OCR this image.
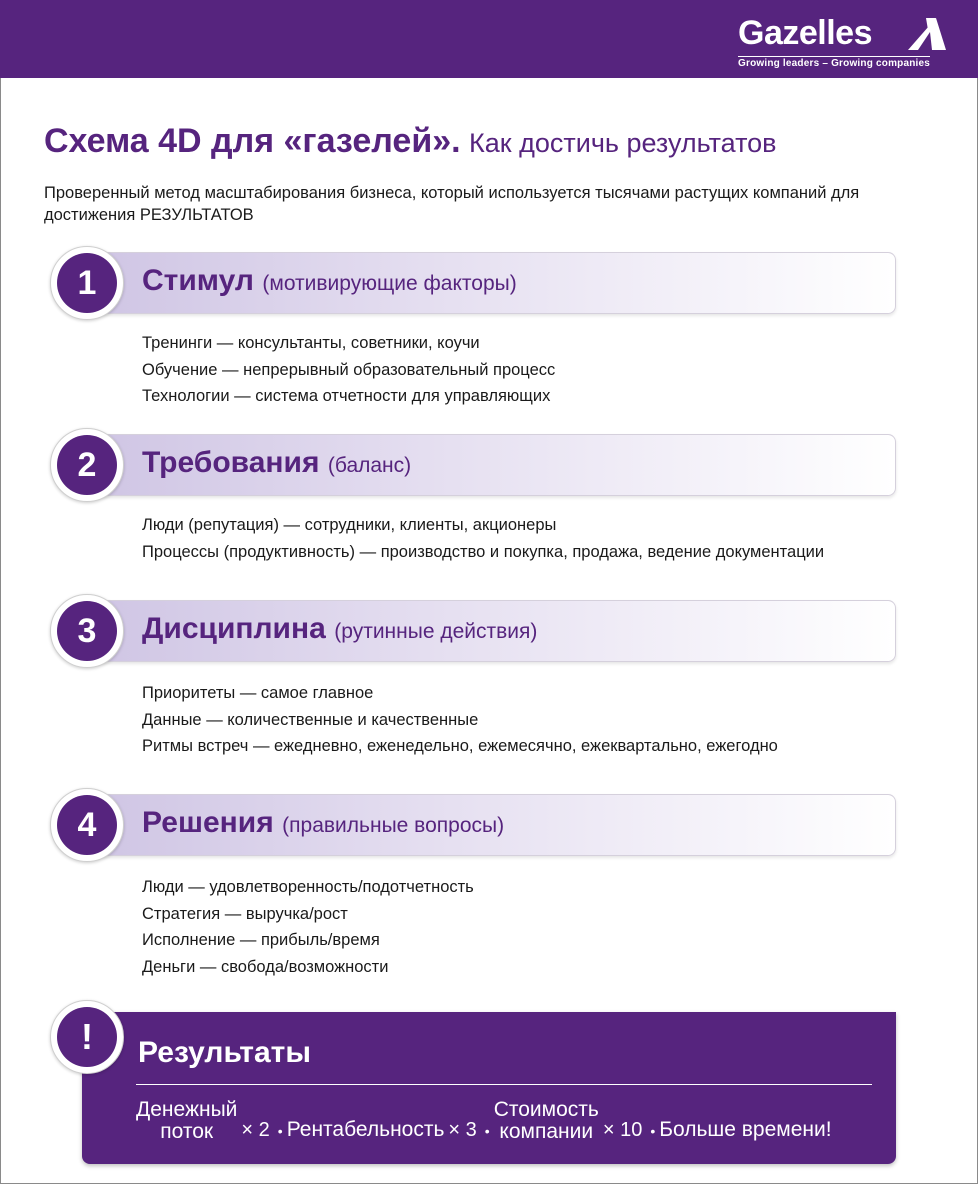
Gazelles
Growing leaders – Growing companies
Схема 4D для «газелей». Как достичь результатов
Проверенный метод масштабирования бизнеса, который используется тысячами растущих компаний для достижения РЕЗУЛЬТАТОВ
1	Стимул (мотивирующие факторы)
Тренинги — консультанты, советники, коучи
Обучение — непрерывный образовательный процесс
Технологии — система отчетности для управляющих
2	Требования (баланс)
Люди (репутация) — сотрудники, клиенты, акционеры
Процессы (продуктивность) — производство и покупка, продажа, ведение документации
3	Дисциплина (рутинные действия)
Приоритеты — самое главное
Данные — количественные и качественные
Ритмы встреч — ежедневно, еженедельно, ежемесячно, ежеквартально, ежегодно
4	Решения (правильные вопросы)
Люди — удовлетворенность/подотчетность
Стратегия — выручка/рост
Исполнение — прибыль/время
Деньги — свобода/возможности
!	Результаты
Денежный
поток × 2 • Рентабельность × 3 •
Стоимость
компании × 10 • Больше времени!
